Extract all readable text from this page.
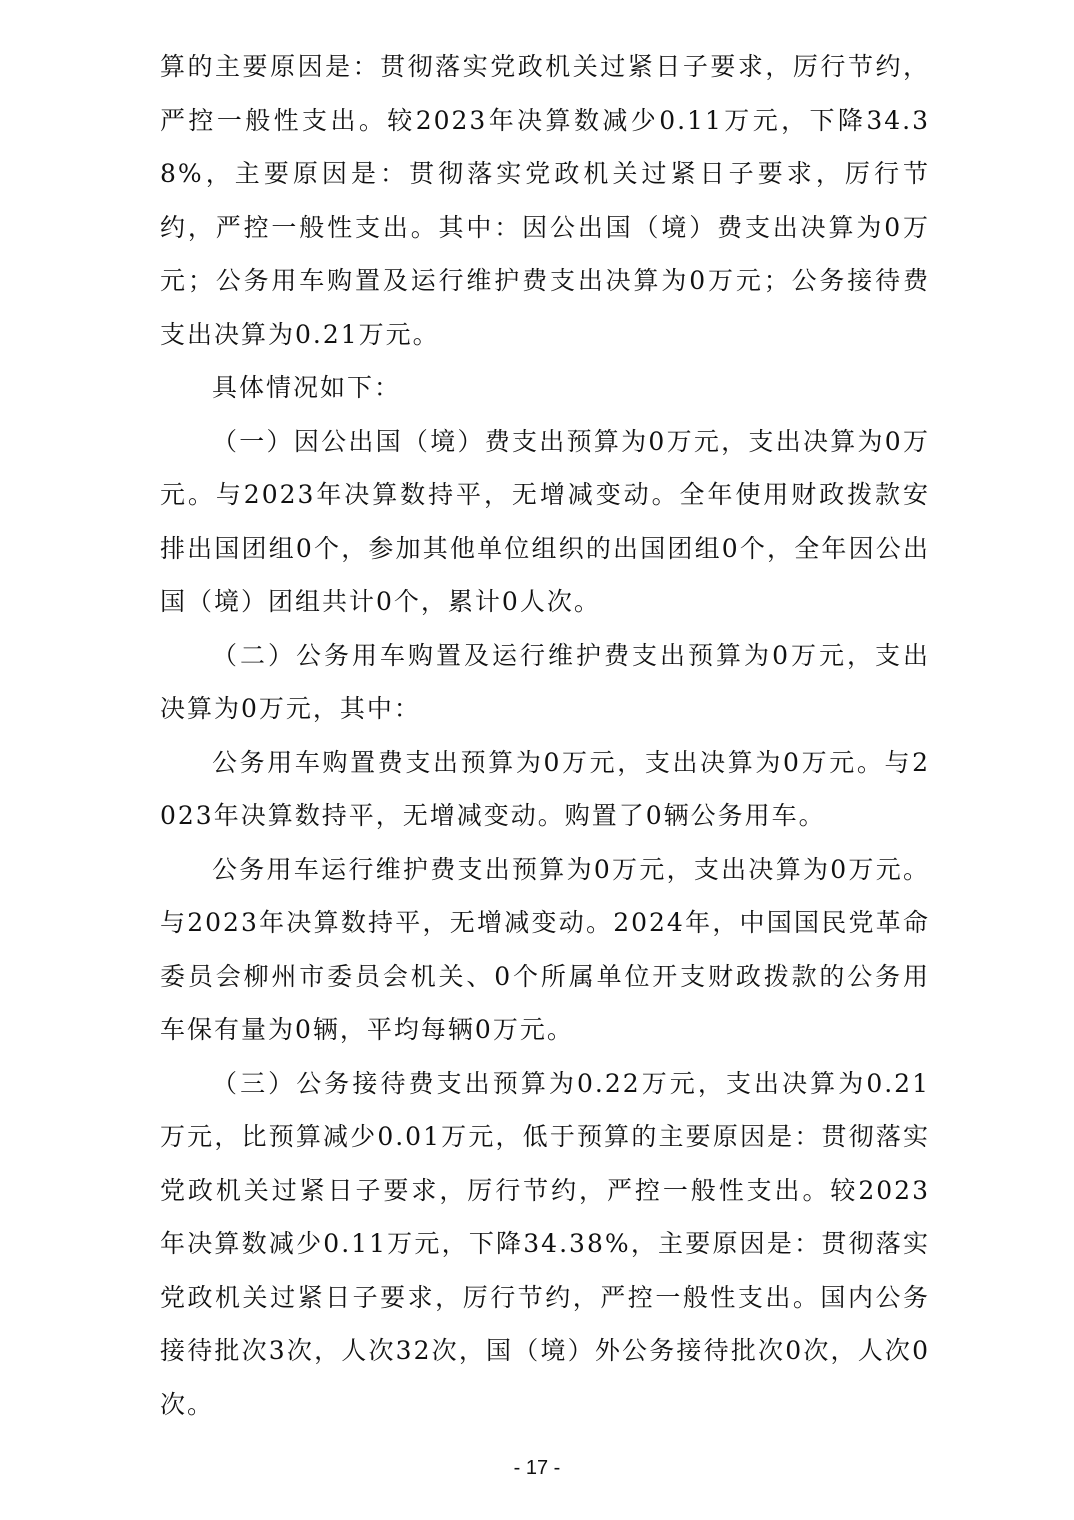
算的主要原因是：贯彻落实党政机关过紧日子要求，厉行节约，严控一般性支出。较2023年决算数减少0.11万元，下降34.38%，主要原因是：贯彻落实党政机关过紧日子要求，厉行节约，严控一般性支出。其中：因公出国（境）费支出决算为0万元；公务用车购置及运行维护费支出决算为0万元；公务接待费支出决算为0.21万元。

具体情况如下：

（一）因公出国（境）费支出预算为0万元，支出决算为0万元。与2023年决算数持平，无增减变动。全年使用财政拨款安排出国团组0个，参加其他单位组织的出国团组0个，全年因公出国（境）团组共计0个，累计0人次。

（二）公务用车购置及运行维护费支出预算为0万元，支出决算为0万元，其中：

公务用车购置费支出预算为0万元，支出决算为0万元。与2023年决算数持平，无增减变动。购置了0辆公务用车。

公务用车运行维护费支出预算为0万元，支出决算为0万元。与2023年决算数持平，无增减变动。2024年，中国国民党革命委员会柳州市委员会机关、0个所属单位开支财政拨款的公务用车保有量为0辆，平均每辆0万元。

（三）公务接待费支出预算为0.22万元，支出决算为0.21万元，比预算减少0.01万元，低于预算的主要原因是：贯彻落实党政机关过紧日子要求，厉行节约，严控一般性支出。较2023年决算数减少0.11万元，下降34.38%，主要原因是：贯彻落实党政机关过紧日子要求，厉行节约，严控一般性支出。国内公务接待批次3次，人次32次，国（境）外公务接待批次0次，人次0次。

- 17 -
